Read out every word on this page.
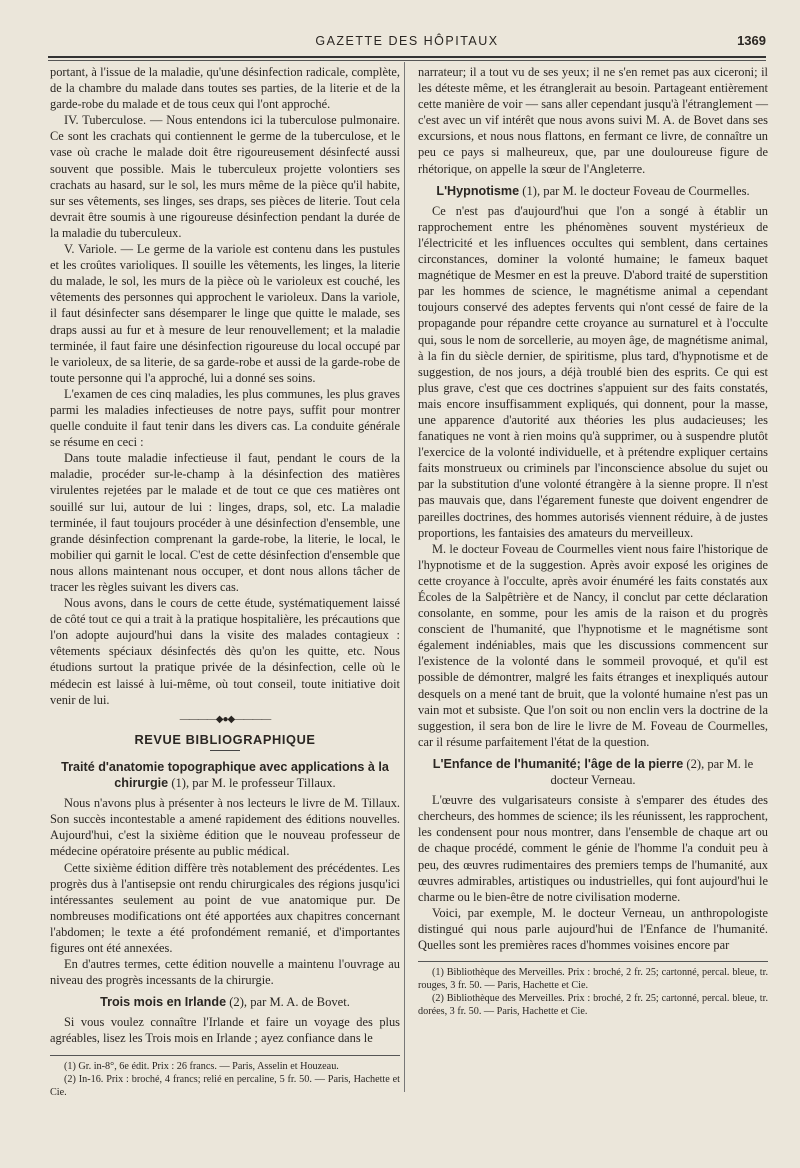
GAZETTE DES HÔPITAUX	1369

portant, à l'issue de la maladie, qu'une désinfection radicale, complète, de la chambre du malade dans toutes ses parties, de la literie et de la garde-robe du malade et de tous ceux qui l'ont approché.

IV. Tuberculose. — Nous entendons ici la tuberculose pulmonaire. Ce sont les crachats qui contiennent le germe de la tuberculose, et le vase où crache le malade doit être rigoureusement désinfecté aussi souvent que possible. Mais le tuberculeux projette volontiers ses crachats au hasard, sur le sol, les murs même de la pièce qu'il habite, sur ses vêtements, ses linges, ses draps, ses pièces de literie. Tout cela devrait être soumis à une rigoureuse désinfection pendant la durée de la maladie du tuberculeux.

V. Variole. — Le germe de la variole est contenu dans les pustules et les croûtes varioliques. Il souille les vêtements, les linges, la literie du malade, le sol, les murs de la pièce où le varioleux est couché, les vêtements des personnes qui approchent le varioleux. Dans la variole, il faut désinfecter sans désemparer le linge que quitte le malade, ses draps aussi au fur et à mesure de leur renouvellement; et la maladie terminée, il faut faire une désinfection rigoureuse du local occupé par le varioleux, de sa literie, de sa garde-robe et aussi de la garde-robe de toute personne qui l'a approché, lui a donné ses soins.

L'examen de ces cinq maladies, les plus communes, les plus graves parmi les maladies infectieuses de notre pays, suffit pour montrer quelle conduite il faut tenir dans les divers cas. La conduite générale se résume en ceci :

Dans toute maladie infectieuse il faut, pendant le cours de la maladie, procéder sur-le-champ à la désinfection des matières virulentes rejetées par le malade et de tout ce que ces matières ont souillé sur lui, autour de lui : linges, draps, sol, etc. La maladie terminée, il faut toujours procéder à une désinfection d'ensemble, une grande désinfection comprenant la garde-robe, la literie, le local, le mobilier qui garnit le local. C'est de cette désinfection d'ensemble que nous allons maintenant nous occuper, et dont nous allons tâcher de tracer les règles suivant les divers cas.

Nous avons, dans le cours de cette étude, systématiquement laissé de côté tout ce qui a trait à la pratique hospitalière, les précautions que l'on adopte aujourd'hui dans la visite des malades contagieux : vêtements spéciaux désinfectés dès qu'on les quitte, etc. Nous étudions surtout la pratique privée de la désinfection, celle où le médecin est laissé à lui-même, où tout conseil, toute initiative doit venir de lui.

————◆●◆————
REVUE BIBLIOGRAPHIQUE
Traité d'anatomie topographique avec applications à la chirurgie (1), par M. le professeur Tillaux.

Nous n'avons plus à présenter à nos lecteurs le livre de M. Tillaux. Son succès incontestable a amené rapidement des éditions nouvelles. Aujourd'hui, c'est la sixième édition que le nouveau professeur de médecine opératoire présente au public médical.

Cette sixième édition diffère très notablement des précédentes. Les progrès dus à l'antisepsie ont rendu chirurgicales des régions jusqu'ici intéressantes seulement au point de vue anatomique pur. De nombreuses modifications ont été apportées aux chapitres concernant l'abdomen; le texte a été profondément remanié, et d'importantes figures ont été annexées.

En d'autres termes, cette édition nouvelle a maintenu l'ouvrage au niveau des progrès incessants de la chirurgie.

Trois mois en Irlande (2), par M. A. de Bovet.

Si vous voulez connaître l'Irlande et faire un voyage des plus agréables, lisez les Trois mois en Irlande ; ayez confiance dans le

(1) Gr. in-8°, 6e édit. Prix : 26 francs. — Paris, Asselin et Houzeau.

(2) In-16. Prix : broché, 4 francs; relié en percaline, 5 fr. 50. — Paris, Hachette et Cie.

narrateur; il a tout vu de ses yeux; il ne s'en remet pas aux ciceroni; il les déteste même, et les étranglerait au besoin. Partageant entièrement cette manière de voir — sans aller cependant jusqu'à l'étranglement — c'est avec un vif intérêt que nous avons suivi M. A. de Bovet dans ses excursions, et nous nous flattons, en fermant ce livre, de connaître un peu ce pays si malheureux, que, par une douloureuse figure de rhétorique, on appelle la sœur de l'Angleterre.

L'Hypnotisme (1), par M. le docteur Foveau de Courmelles.

Ce n'est pas d'aujourd'hui que l'on a songé à établir un rapprochement entre les phénomènes souvent mystérieux de l'électricité et les influences occultes qui semblent, dans certaines circonstances, dominer la volonté humaine; le fameux baquet magnétique de Mesmer en est la preuve. D'abord traité de superstition par les hommes de science, le magnétisme animal a cependant toujours conservé des adeptes fervents qui n'ont cessé de faire de la propagande pour répandre cette croyance au surnaturel et à l'occulte qui, sous le nom de sorcellerie, au moyen âge, de magnétisme animal, à la fin du siècle dernier, de spiritisme, plus tard, d'hypnotisme et de suggestion, de nos jours, a déjà troublé bien des esprits. Ce qui est plus grave, c'est que ces doctrines s'appuient sur des faits constatés, mais encore insuffisamment expliqués, qui donnent, pour la masse, une apparence d'autorité aux théories les plus audacieuses; les fanatiques ne vont à rien moins qu'à supprimer, ou à suspendre plutôt l'exercice de la volonté individuelle, et à prétendre expliquer certains faits monstrueux ou criminels par l'inconscience absolue du sujet ou par la substitution d'une volonté étrangère à la sienne propre. Il n'est pas mauvais que, dans l'égarement funeste que doivent engendrer de pareilles doctrines, des hommes autorisés viennent réduire, à de justes proportions, les fantaisies des amateurs du merveilleux.

M. le docteur Foveau de Courmelles vient nous faire l'historique de l'hypnotisme et de la suggestion. Après avoir exposé les origines de cette croyance à l'occulte, après avoir énuméré les faits constatés aux Écoles de la Salpêtrière et de Nancy, il conclut par cette déclaration consolante, en somme, pour les amis de la raison et du progrès conscient de l'humanité, que l'hypnotisme et le magnétisme sont également indéniables, mais que les discussions commencent sur l'existence de la volonté dans le sommeil provoqué, et qu'il est possible de démontrer, malgré les faits étranges et inexpliqués autour desquels on a mené tant de bruit, que la volonté humaine n'est pas un vain mot et subsiste. Que l'on soit ou non enclin vers la doctrine de la suggestion, il sera bon de lire le livre de M. Foveau de Courmelles, car il résume parfaitement l'état de la question.

L'Enfance de l'humanité; l'âge de la pierre (2), par M. le docteur Verneau.

L'œuvre des vulgarisateurs consiste à s'emparer des études des chercheurs, des hommes de science; ils les réunissent, les rapprochent, les condensent pour nous montrer, dans l'ensemble de chaque art ou de chaque procédé, comment le génie de l'homme l'a conduit peu à peu, des œuvres rudimentaires des premiers temps de l'humanité, aux œuvres admirables, artistiques ou industrielles, qui font aujourd'hui le charme ou le bien-être de notre civilisation moderne.

Voici, par exemple, M. le docteur Verneau, un anthropologiste distingué qui nous parle aujourd'hui de l'Enfance de l'humanité. Quelles sont les premières races d'hommes voisines encore par

(1) Bibliothèque des Merveilles. Prix : broché, 2 fr. 25; cartonné, percal. bleue, tr. rouges, 3 fr. 50. — Paris, Hachette et Cie.

(2) Bibliothèque des Merveilles. Prix : broché, 2 fr. 25; cartonné, percal. bleue, tr. dorées, 3 fr. 50. — Paris, Hachette et Cie.
